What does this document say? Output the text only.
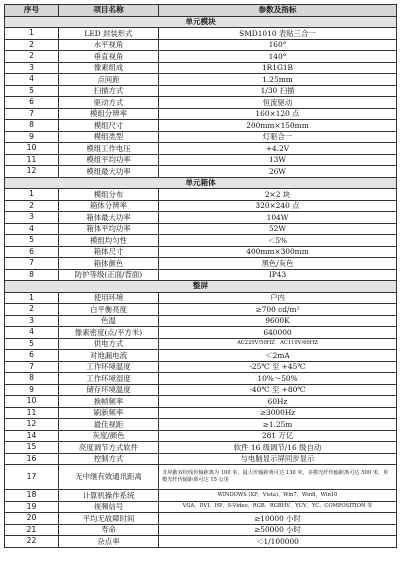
序号	项目名称	参数及指标
单元模块		
1	LED 封装形式	SMD1010 表贴三合一
2	水平视角	160°
2	垂直视角	140°
3	像素组成	1R1G1B
4	点间距	1.25mm
5	扫描方式	1/30 扫描
6	驱动方式	恒流驱动
7	模组分辨率	160×120 点
8	模组尺寸	200mm×150mm
9	模组类型	灯驱合一
10	模组工作电压	+4.2V
11	模组平均功率	13W
12	模组最大功率	26W
单元箱体		
1	模组分布	2×2 块
2	箱体分辨率	320×240 点
3	箱体最大功率	104W
4	箱体平均功率	52W
5	模组均匀性	＜5%
6	箱体尺寸	400mm×300mm
7	箱体颜色	黑色/灰色
8	防护等级(正面/背面)	IP43
整屏		
1	使用环境	户内
2	白平衡亮度	≥700 cd/m²
3	色温	9600K
4	像素密度(点/平方米)	640000
5	供电方式	AC220V/50HZ　AC110V/60HZ
6	对地漏电流	＜2mA
7	工作环境温度	-25℃ 至 +45℃
8	工作环境湿度	10%～50%
9	储存环境温度	-40℃ 至 +80℃
10	换帧频率	60Hz
11	刷新频率	≥3000Hz
12	最佳视距	≥1.25m
14	灰度/颜色	281 万亿
15	亮度调节方式软件	软件 16 级调节/16 级自动
16	控制方式	与电脑显示屏同步显示
17	无中继有效通讯距离	非屏蔽双绞线传输距离为 100 米，最大传输距离可达 130 米，多模光纤传输距离可达 500 米，单模光纤传输距离可达 15 公里
18	计算机操作系统	WINDOWS (XP、Vista)、Win7、Win8、Win10
19	视频信号	VGA、DVI、HP、S-Video、RGB、RGBHV、YUV、YC、COMPOSITION 等
20	平均无故障时间	≥10000 小时
21	寿命	≥50000 小时
22	杂点率	＜1/100000
